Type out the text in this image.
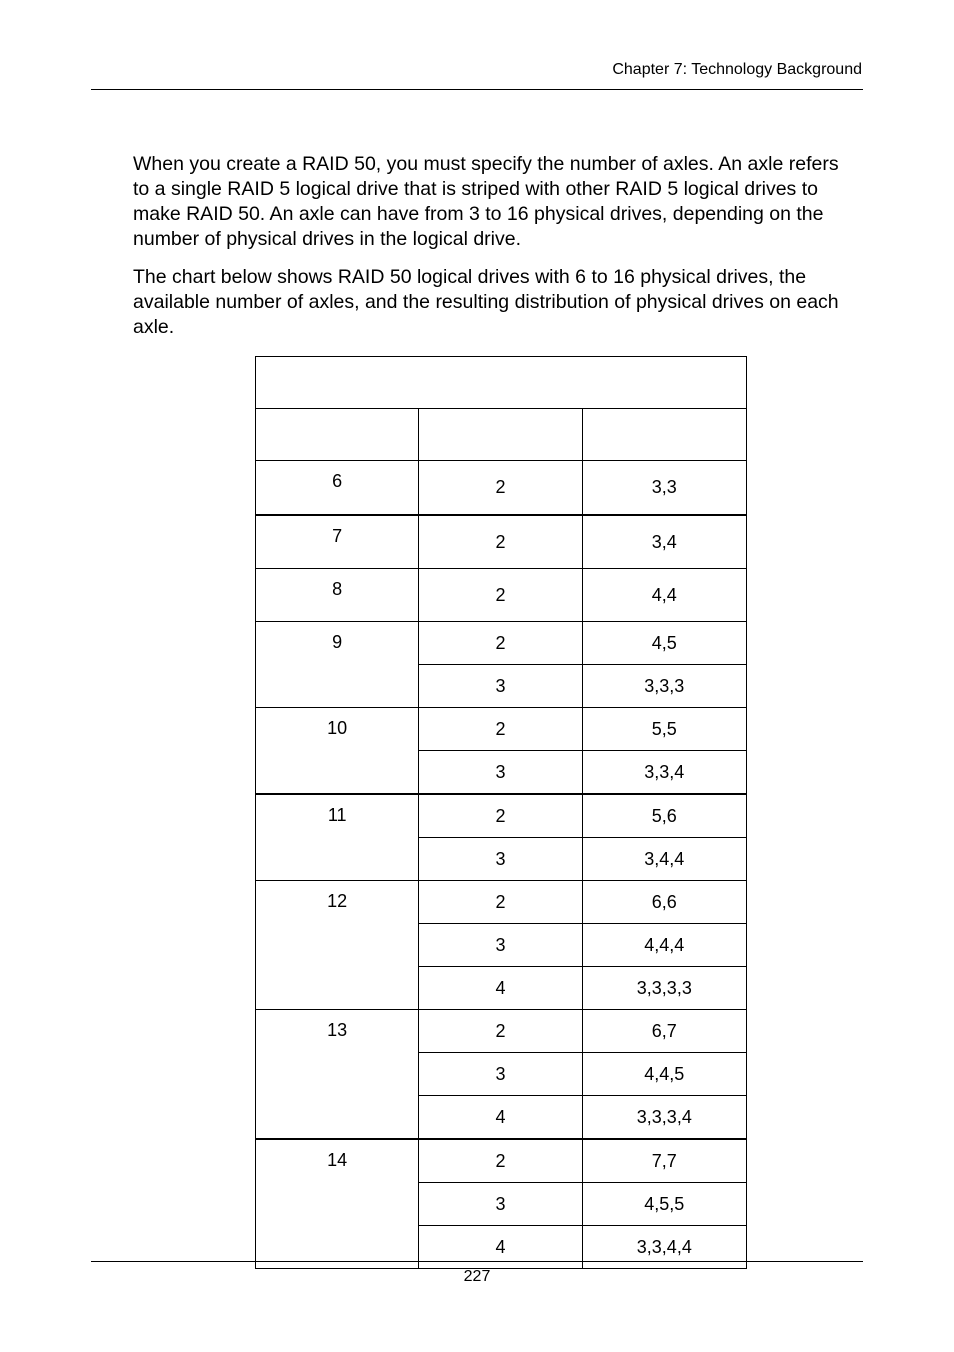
Chapter 7: Technology Background

When you create a RAID 50, you must specify the number of axles. An axle refers to a single RAID 5 logical drive that is striped with other RAID 5 logical drives to make RAID 50. An axle can have from 3 to 16 physical drives, depending on the number of physical drives in the logical drive.

The chart below shows RAID 50 logical drives with 6 to 16 physical drives, the available number of axles, and the resulting distribution of physical drives on each axle.

6	2	3,3
7	2	3,4
8	2	4,4
9	2	4,5
	3	3,3,3
10	2	5,5
	3	3,3,4
11	2	5,6
	3	3,4,4
12	2	6,6
	3	4,4,4
	4	3,3,3,3
13	2	6,7
	3	4,4,5
	4	3,3,3,4
14	2	7,7
	3	4,5,5
	4	3,3,4,4
227
